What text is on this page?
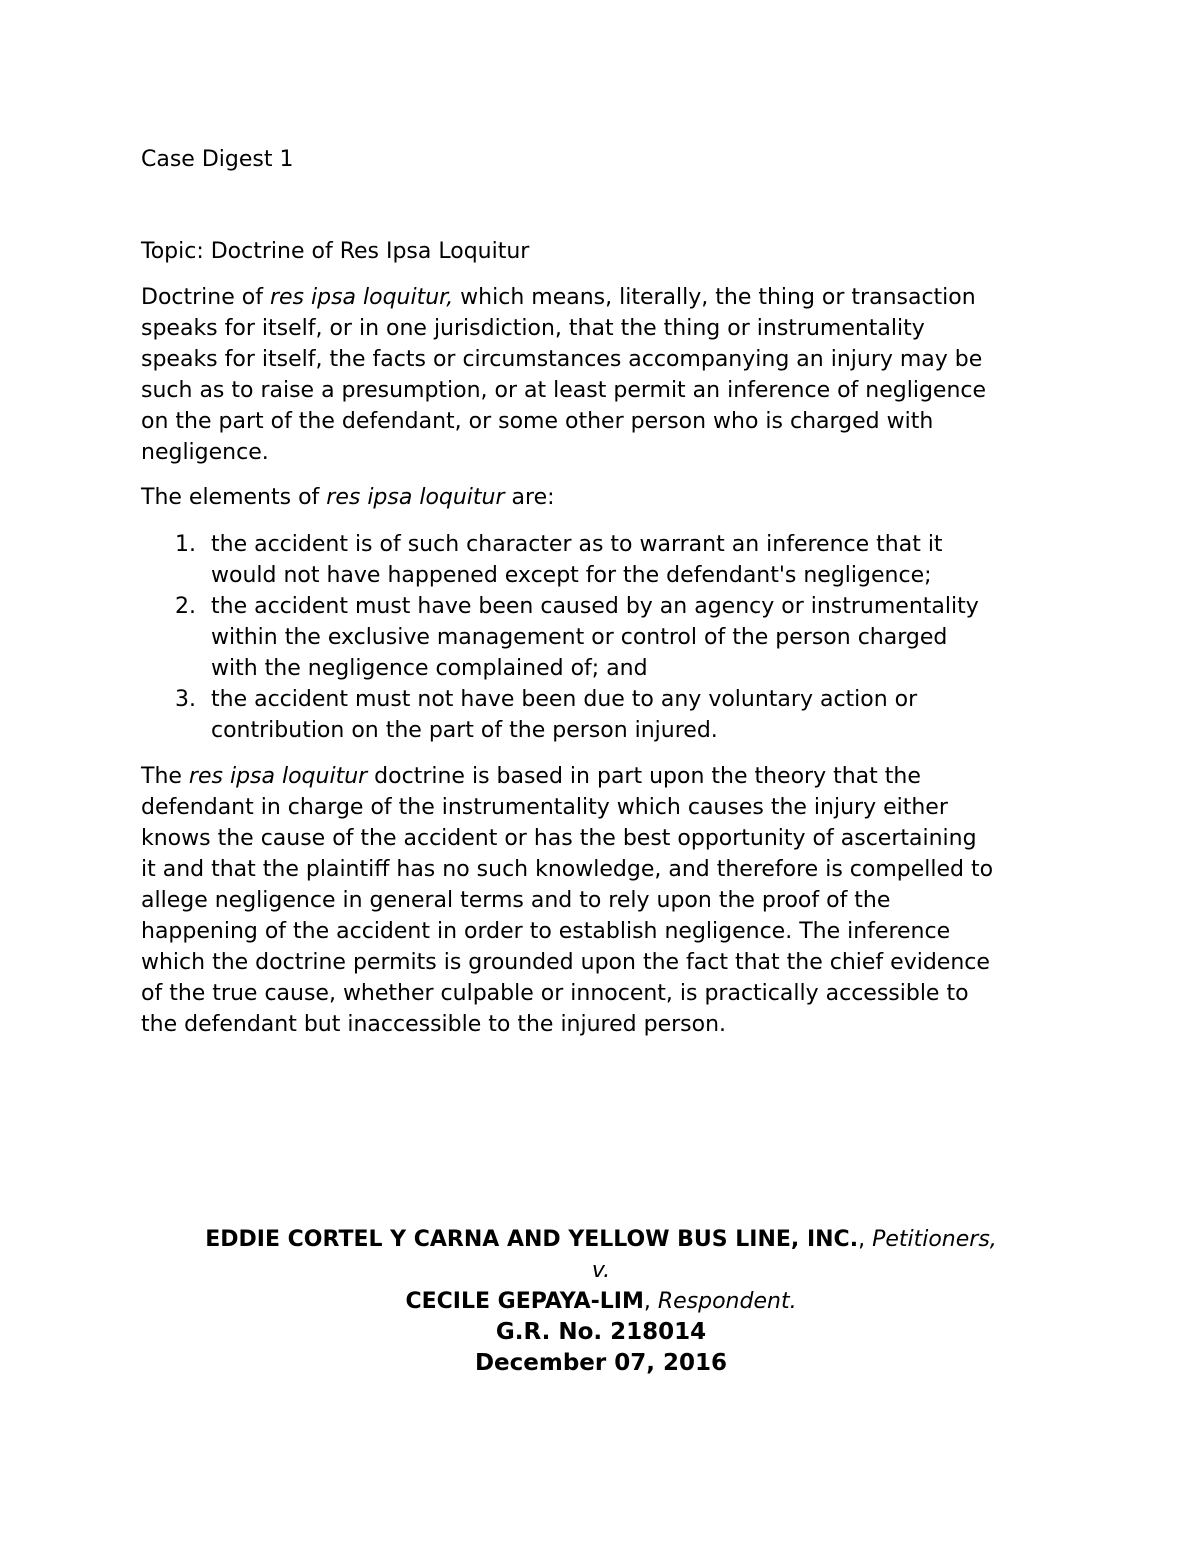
Case Digest 1

Topic: Doctrine of Res Ipsa Loquitur

Doctrine of res ipsa loquitur, which means, literally, the thing or transaction
speaks for itself, or in one jurisdiction, that the thing or instrumentality
speaks for itself, the facts or circumstances accompanying an injury may be
such as to raise a presumption, or at least permit an inference of negligence
on the part of the defendant, or some other person who is charged with
negligence.

The elements of res ipsa loquitur are:

1. the accident is of such character as to warrant an inference that it
would not have happened except for the defendant's negligence;
2. the accident must have been caused by an agency or instrumentality
within the exclusive management or control of the person charged
with the negligence complained of; and
3. the accident must not have been due to any voluntary action or
contribution on the part of the person injured.
The res ipsa loquitur doctrine is based in part upon the theory that the
defendant in charge of the instrumentality which causes the injury either
knows the cause of the accident or has the best opportunity of ascertaining
it and that the plaintiff has no such knowledge, and therefore is compelled to
allege negligence in general terms and to rely upon the proof of the
happening of the accident in order to establish negligence. The inference
which the doctrine permits is grounded upon the fact that the chief evidence
of the true cause, whether culpable or innocent, is practically accessible to
the defendant but inaccessible to the injured person.
EDDIE CORTEL Y CARNA AND YELLOW BUS LINE, INC., Petitioners,
v.
CECILE GEPAYA-LIM, Respondent.
G.R. No. 218014
December 07, 2016
